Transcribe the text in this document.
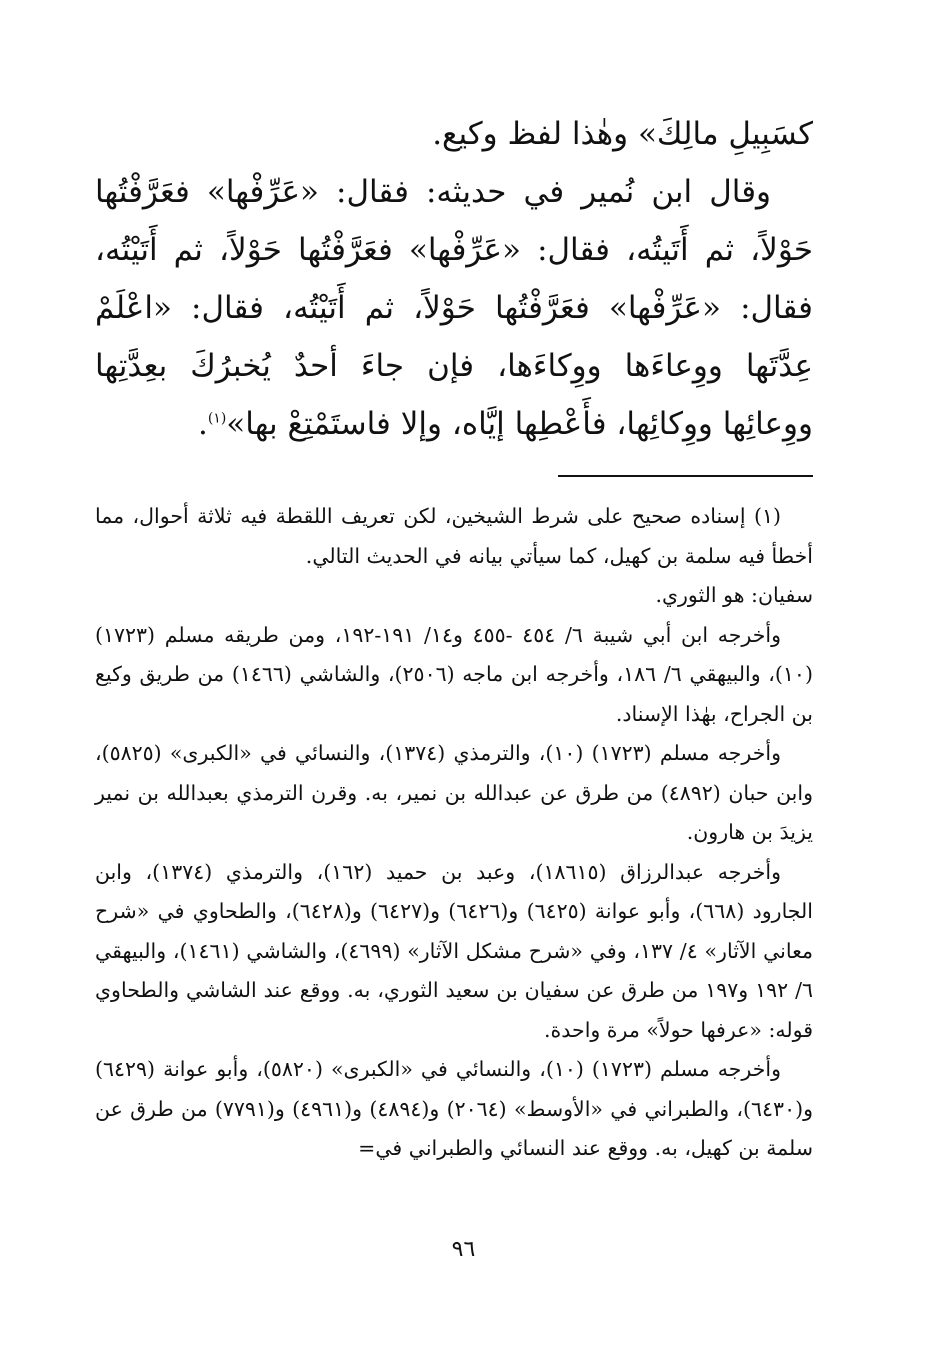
كسَبِيلِ مالِكَ» وهٰذا لفظ وكيع.

وقال ابن نُمير في حديثه: فقال: «عَرِّفْها» فعَرَّفْتُها حَوْلاً، ثم أَتَيتُه، فقال: «عَرِّفْها» فعَرَّفْتُها حَوْلاً، ثم أَتَيْتُه، فقال: «عَرِّفْها» فعَرَّفْتُها حَوْلاً، ثم أَتَيْتُه، فقال: «اعْلَمْ عِدَّتَها ووِعاءَها ووِكاءَها، فإن جاءَ أحدٌ يُخبرُكَ بعِدَّتِها ووِعائِها ووِكائِها، فأَعْطِها إيَّاه، وإلا فاستَمْتِعْ بها»$^{(١)}$.

(١) إسناده صحيح على شرط الشيخين، لكن تعريف اللقطة فيه ثلاثة أحوال، مما أخطأ فيه سلمة بن كهيل، كما سيأتي بيانه في الحديث التالي.

سفيان: هو الثوري.

وأخرجه ابن أبي شيبة ٦/ ٤٥٤ -٤٥٥ و١٤/ ١٩١-١٩٢، ومن طريقه مسلم (١٧٢٣) (١٠)، والبيهقي ٦/ ١٨٦، وأخرجه ابن ماجه (٢٥٠٦)، والشاشي (١٤٦٦) من طريق وكيع بن الجراح، بهٰذا الإسناد.

وأخرجه مسلم (١٧٢٣) (١٠)، والترمذي (١٣٧٤)، والنسائي في «الكبرى» (٥٨٢٥)، وابن حبان (٤٨٩٢) من طرق عن عبدالله بن نمير، به. وقرن الترمذي بعبدالله بن نمير يزيدَ بن هارون.

وأخرجه عبدالرزاق (١٨٦١٥)، وعبد بن حميد (١٦٢)، والترمذي (١٣٧٤)، وابن الجارود (٦٦٨)، وأبو عوانة (٦٤٢٥) و(٦٤٢٦) و(٦٤٢٧) و(٦٤٢٨)، والطحاوي في «شرح معاني الآثار» ٤/ ١٣٧، وفي «شرح مشكل الآثار» (٤٦٩٩)، والشاشي (١٤٦١)، والبيهقي ٦/ ١٩٢ و١٩٧ من طرق عن سفيان بن سعيد الثوري، به. ووقع عند الشاشي والطحاوي قوله: «عرفها حولاً» مرة واحدة.

وأخرجه مسلم (١٧٢٣) (١٠)، والنسائي في «الكبرى» (٥٨٢٠)، وأبو عوانة (٦٤٢٩) و(٦٤٣٠)، والطبراني في «الأوسط» (٢٠٦٤) و(٤٨٩٤) و(٤٩٦١) و(٧٧٩١) من طرق عن سلمة بن كهيل، به. ووقع عند النسائي والطبراني في=

٩٦
